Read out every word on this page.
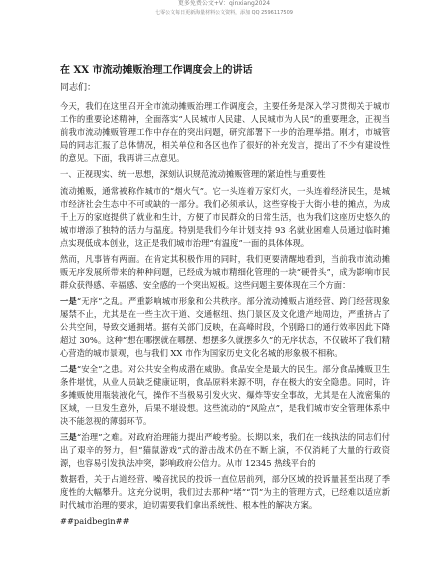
更多免费公文+V：qinxiang2024
七零公文每日更新海量材料公文资料，添加 QQ 2596117509
在 XX 市流动摊贩治理工作调度会上的讲话
同志们：

今天，我们在这里召开全市流动摊贩治理工作调度会，主要任务是深入学习贯彻关于城市工作的重要论述精神，全面落实“人民城市人民建、人民城市为人民”的重要理念，正视当前我市流动摊贩管理工作中存在的突出问题，研究部署下一步的治理举措。刚才，市城管局的同志汇报了总体情况，相关单位和各区也作了很好的补充发言，提出了不少有建设性的意见。下面，我再讲三点意见。

一、正视现实、统一思想，深刻认识规范流动摊贩管理的紧迫性与重要性

流动摊贩，通常被称作城市的“烟火气”。它一头连着万家灯火，一头连着经济民生，是城市经济社会生态中不可或缺的一部分。我们必须承认，这些穿梭于大街小巷的摊点，为成千上万的家庭提供了就业和生计，方便了市民群众的日常生活，也为我们这座历史悠久的城市增添了独特的活力与温度。特别是我们今年计划支持 93 名就业困难人员通过临时摊点实现低成本创业，这正是我们城市治理“有温度”一面的具体体现。

然而，凡事皆有两面。在肯定其积极作用的同时，我们更要清醒地看到，当前我市流动摊贩无序发展所带来的种种问题，已经成为城市精细化管理的一块“硬骨头”，成为影响市民群众获得感、幸福感、安全感的一个突出短板。这些问题主要体现在三个方面：

一是“无序”之乱。严重影响城市形象和公共秩序。部分流动摊贩占道经营、跨门经营现象屡禁不止，尤其是在一些主次干道、交通枢纽、热门景区及文化遗产地周边，严重挤占了公共空间，导致交通拥堵。据有关部门反映，在高峰时段，个别路口的通行效率因此下降超过 30%。这种“想在哪摆就在哪摆、想摆多久就摆多久”的无序状态，不仅破坏了我们精心营造的城市景观，也与我们 XX 市作为国家历史文化名城的形象极不相称。

二是“安全”之患。对公共安全构成潜在威胁。食品安全是最大的民生。部分食品摊贩卫生条件堪忧，从业人员缺乏健康证明，食品原料来源不明，存在极大的安全隐患。同时，许多摊贩使用瓶装液化气，操作不当极易引发火灾、爆炸等安全事故，尤其是在人流密集的区域，一旦发生意外，后果不堪设想。这些流动的“风险点”，是我们城市安全管理体系中决不能忽视的薄弱环节。

三是“治理”之难。对政府治理能力提出严峻考验。长期以来，我们在一线执法的同志们付出了艰辛的努力，但“猫鼠游戏”式的游击战术仍在不断上演，不仅消耗了大量的行政资源，也容易引发执法冲突，影响政府公信力。从市 12345 热线平台的

数据看，关于占道经营、噪音扰民的投诉一直位居前列，部分区域的投诉量甚至出现了季度性的大幅攀升。这充分说明，我们过去那种“堵”“罚”为主的管理方式，已经难以适应新时代城市治理的要求，迫切需要我们拿出系统性、根本性的解决方案。

##paidbegin##
